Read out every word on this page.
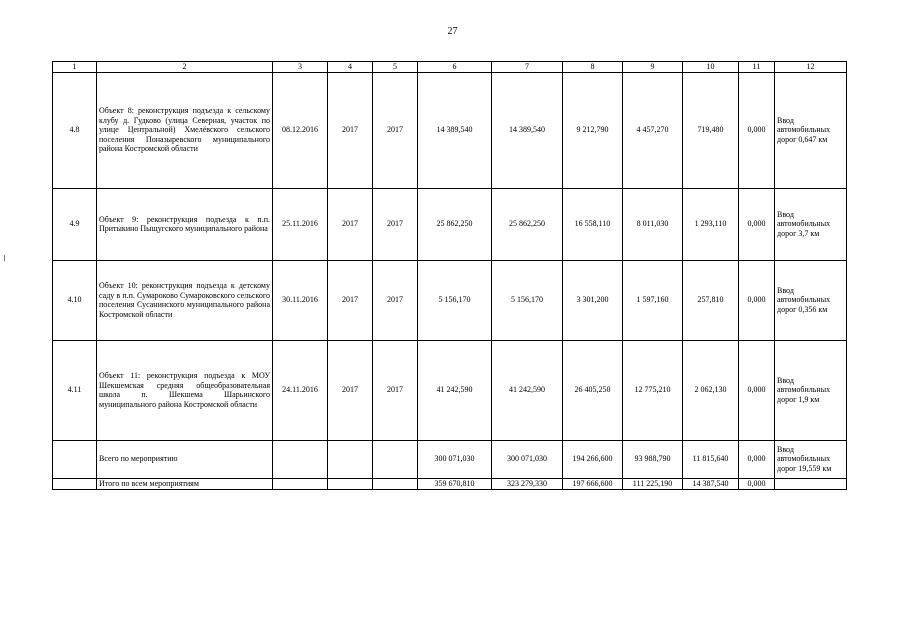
27
1	2	3	4	5	6	7	8	9	10	11	12
4.8	Объект 8: реконструкция подъезда к сельскому клубу д. Гудково (улица Северная, участок по улице Центральной) Хмелёвского сельского поселения Поназыревского муниципального района Костромской области	08.12.2016	2017	2017	14 389,540	14 389,540	9 212,790	4 457,270	719,480	0,000	Ввод автомобильных дорог 0,647 км
4.9	Объект 9: реконструкция подъезда к п.п. Притыкино Пыщугского муниципального района	25.11.2016	2017	2017	25 862,250	25 862,250	16 558,110	8 011,030	1 293,110	0,000	Ввод автомобильных дорог 3,7 км
4.10	Объект 10: реконструкция подъезда к детскому саду в п.п. Сумароково Сумароковского сельского поселения Сусанинского муниципального района Костромской области	30.11.2016	2017	2017	5 156,170	5 156,170	3 301,200	1 597,160	257,810	0,000	Ввод автомобильных дорог 0,356 км
4.11	Объект 11: реконструкция подъезда к МОУ Шекшемская средняя общеобразовательная школа п. Шекшема Шарьинского муниципального района Костромской области	24.11.2016	2017	2017	41 242,590	41 242,590	26 405,250	12 775,210	2 062,130	0,000	Ввод автомобильных дорог 1,9 км
	Всего по мероприятию				300 071,030	300 071,030	194 266,600	93 988,790	11 815,640	0,000	Ввод автомобильных дорог 19,559 км
	Итого по всем мероприятиям				359 670,810	323 279,330	197 666,600	111 225,190	14 387,540	0,000	
